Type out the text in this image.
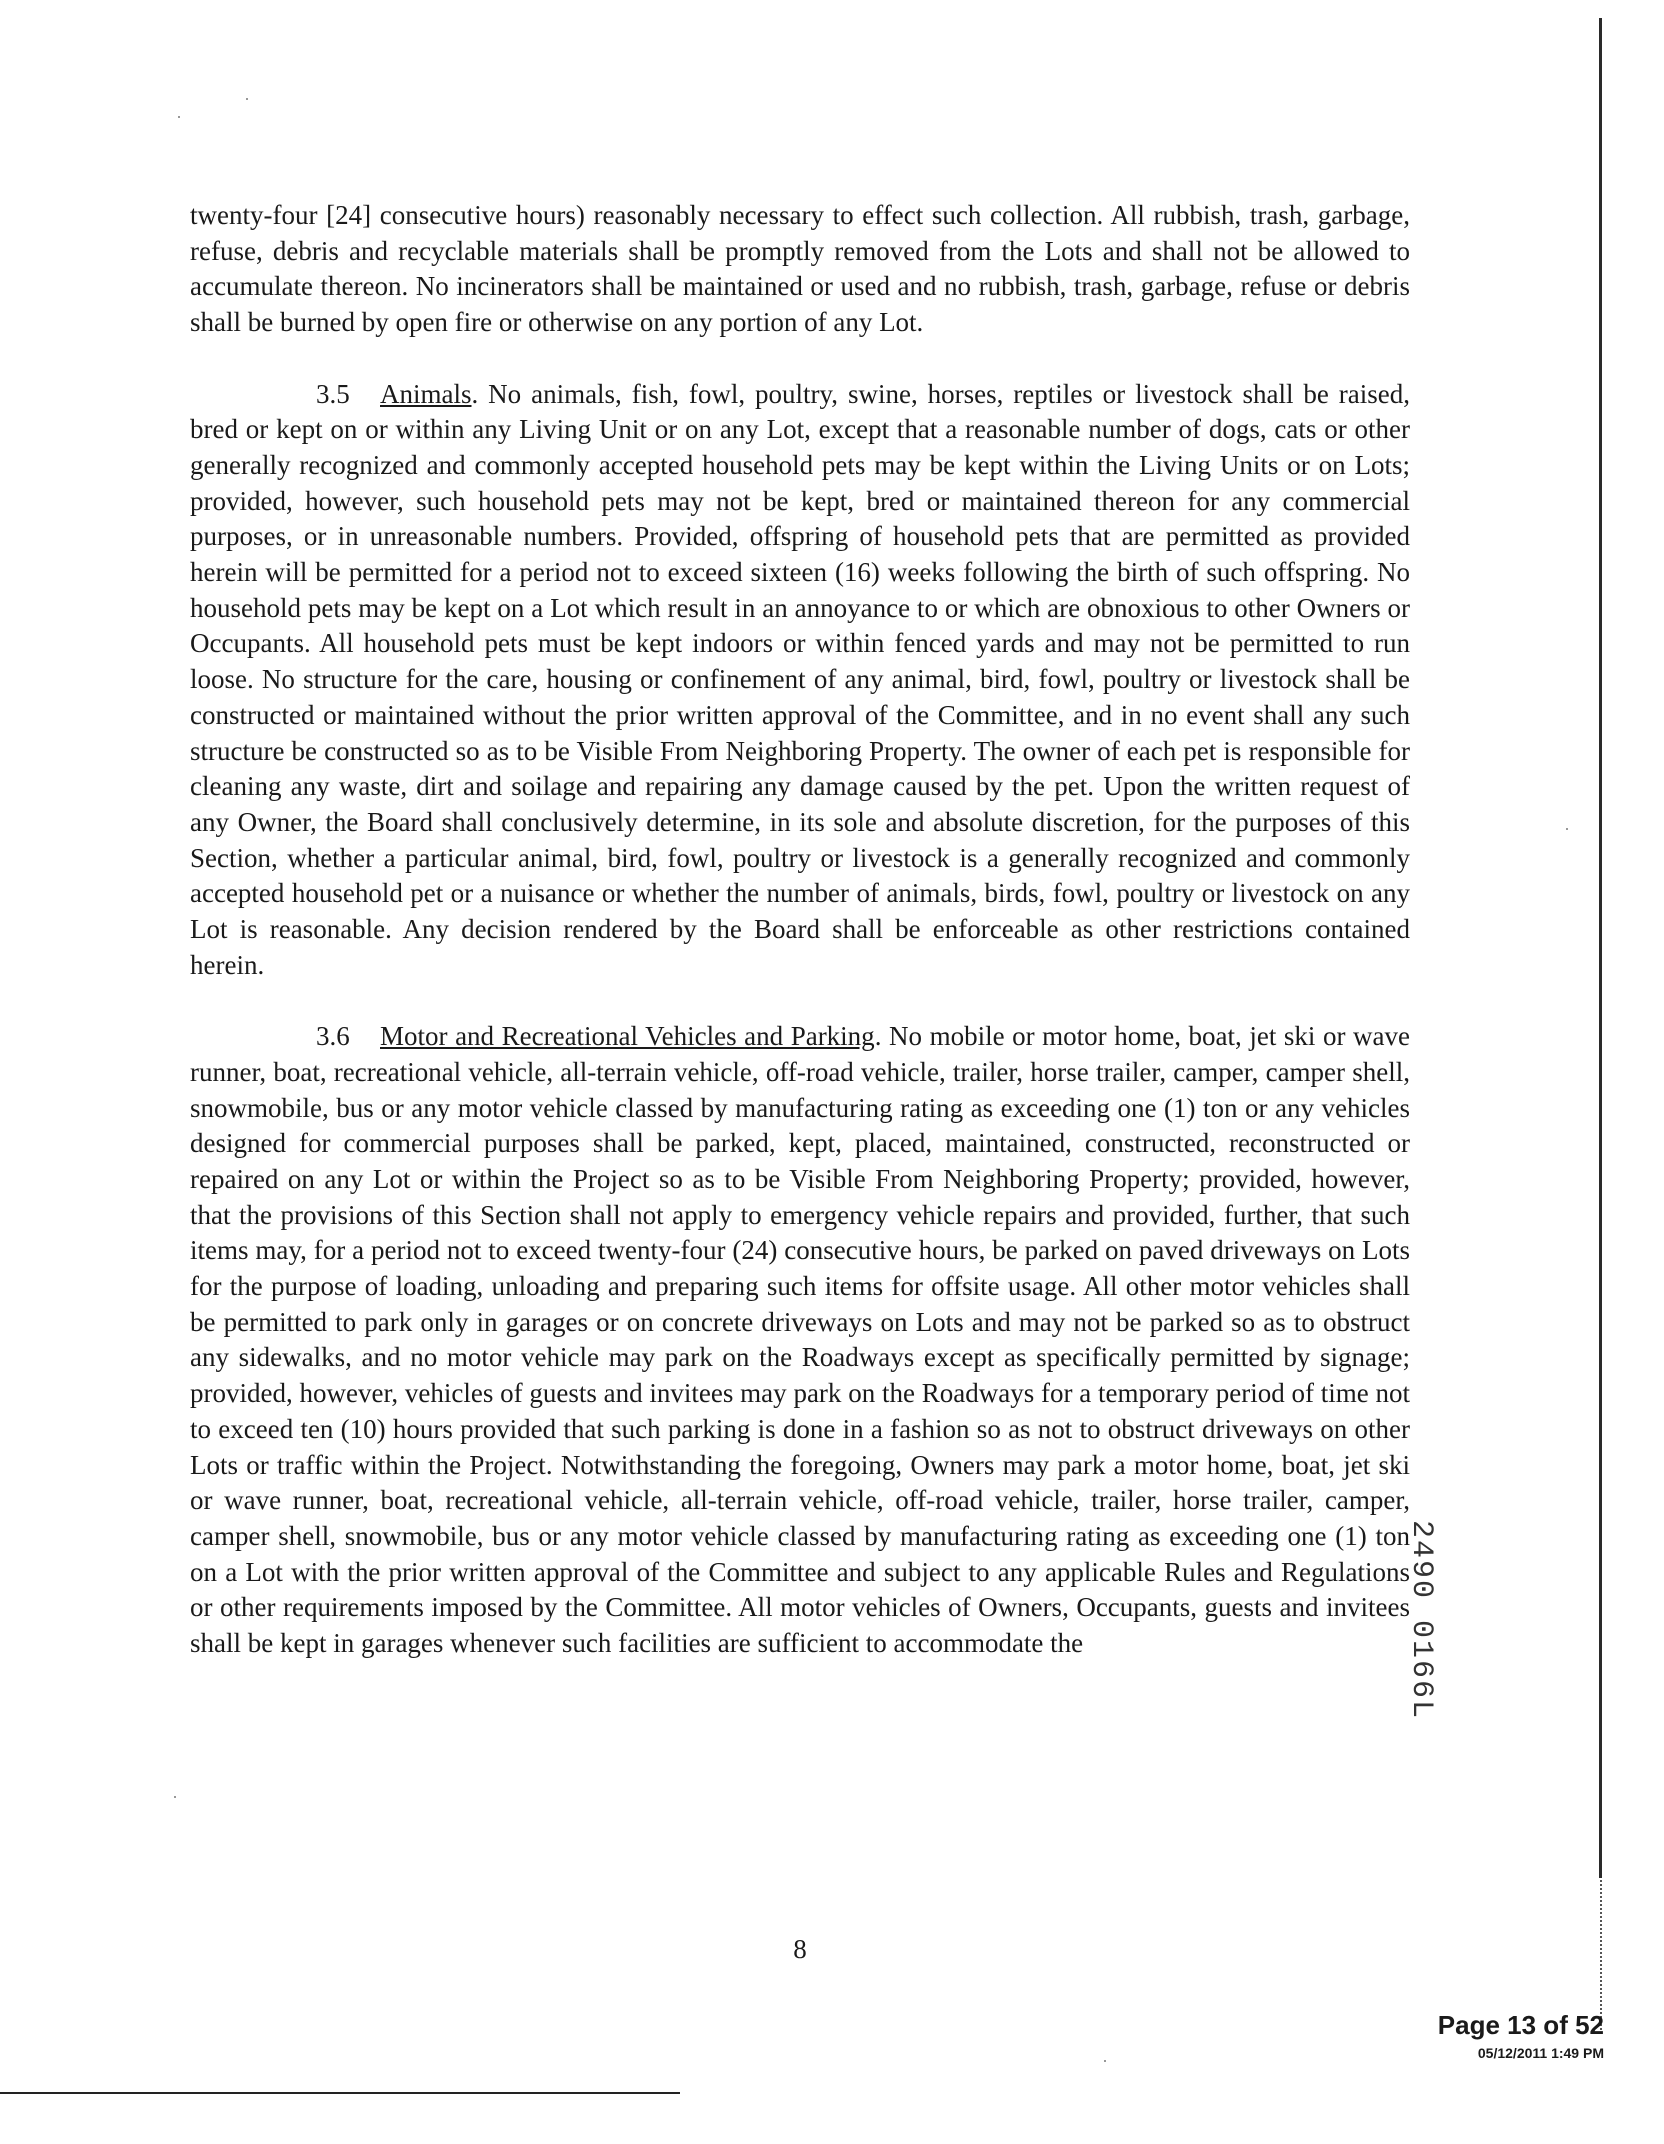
twenty-four [24] consecutive hours) reasonably necessary to effect such collection. All rubbish, trash, garbage, refuse, debris and recyclable materials shall be promptly removed from the Lots and shall not be allowed to accumulate thereon. No incinerators shall be maintained or used and no rubbish, trash, garbage, refuse or debris shall be burned by open fire or otherwise on any portion of any Lot.

3.5 Animals. No animals, fish, fowl, poultry, swine, horses, reptiles or livestock shall be raised, bred or kept on or within any Living Unit or on any Lot, except that a reasonable number of dogs, cats or other generally recognized and commonly accepted household pets may be kept within the Living Units or on Lots; provided, however, such household pets may not be kept, bred or maintained thereon for any commercial purposes, or in unreasonable numbers. Provided, offspring of household pets that are permitted as provided herein will be permitted for a period not to exceed sixteen (16) weeks following the birth of such offspring. No household pets may be kept on a Lot which result in an annoyance to or which are obnoxious to other Owners or Occupants. All household pets must be kept indoors or within fenced yards and may not be permitted to run loose. No structure for the care, housing or confinement of any animal, bird, fowl, poultry or livestock shall be constructed or maintained without the prior written approval of the Committee, and in no event shall any such structure be constructed so as to be Visible From Neighboring Property. The owner of each pet is responsible for cleaning any waste, dirt and soilage and repairing any damage caused by the pet. Upon the written request of any Owner, the Board shall conclusively determine, in its sole and absolute discretion, for the purposes of this Section, whether a particular animal, bird, fowl, poultry or livestock is a generally recognized and commonly accepted household pet or a nuisance or whether the number of animals, birds, fowl, poultry or livestock on any Lot is reasonable. Any decision rendered by the Board shall be enforceable as other restrictions contained herein.

3.6 Motor and Recreational Vehicles and Parking. No mobile or motor home, boat, jet ski or wave runner, boat, recreational vehicle, all-terrain vehicle, off-road vehicle, trailer, horse trailer, camper, camper shell, snowmobile, bus or any motor vehicle classed by manufacturing rating as exceeding one (1) ton or any vehicles designed for commercial purposes shall be parked, kept, placed, maintained, constructed, reconstructed or repaired on any Lot or within the Project so as to be Visible From Neighboring Property; provided, however, that the provisions of this Section shall not apply to emergency vehicle repairs and provided, further, that such items may, for a period not to exceed twenty-four (24) consecutive hours, be parked on paved driveways on Lots for the purpose of loading, unloading and preparing such items for offsite usage. All other motor vehicles shall be permitted to park only in garages or on concrete driveways on Lots and may not be parked so as to obstruct any sidewalks, and no motor vehicle may park on the Roadways except as specifically permitted by signage; provided, however, vehicles of guests and invitees may park on the Roadways for a temporary period of time not to exceed ten (10) hours provided that such parking is done in a fashion so as not to obstruct driveways on other Lots or traffic within the Project. Notwithstanding the foregoing, Owners may park a motor home, boat, jet ski or wave runner, boat, recreational vehicle, all-terrain vehicle, off-road vehicle, trailer, horse trailer, camper, camper shell, snowmobile, bus or any motor vehicle classed by manufacturing rating as exceeding one (1) ton on a Lot with the prior written approval of the Committee and subject to any applicable Rules and Regulations or other requirements imposed by the Committee. All motor vehicles of Owners, Occupants, guests and invitees shall be kept in garages whenever such facilities are sufficient to accommodate the

8
2490 0166L
Page 13 of 52
05/12/2011 1:49 PM
